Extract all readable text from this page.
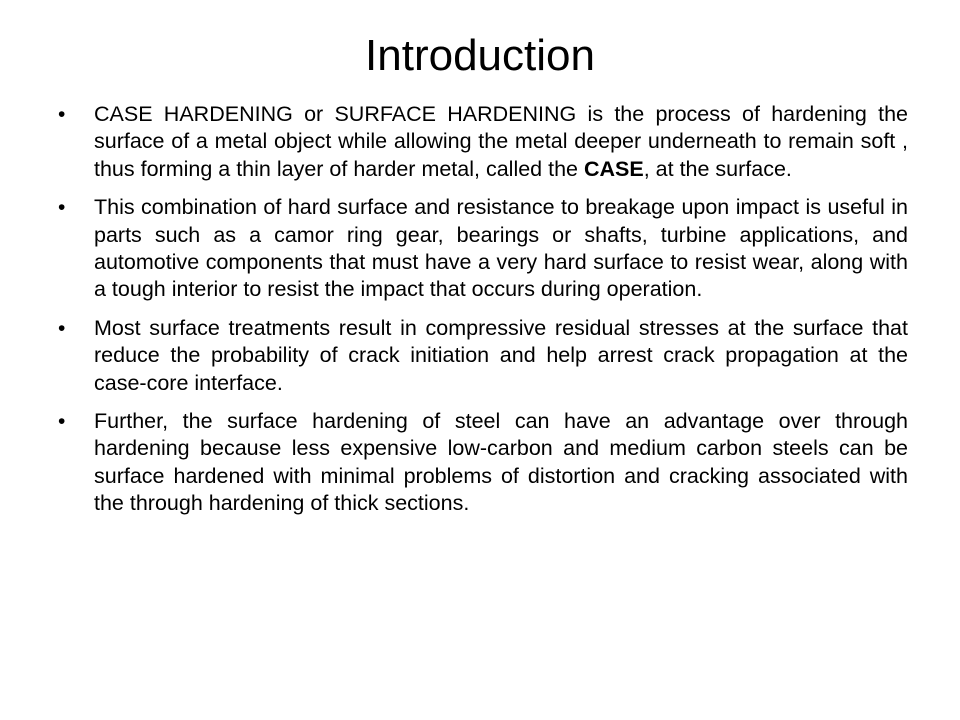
Introduction
•	CASE HARDENING or SURFACE HARDENING is the process of hardening the surface of a metal object while allowing the metal deeper underneath to remain soft , thus forming a thin layer of harder metal, called the CASE, at the surface.
•	This combination of hard surface and resistance to breakage upon impact is useful in parts such as a camor ring gear, bearings or shafts, turbine applications, and automotive components that must have a very hard surface to resist wear, along with a tough interior to resist the impact that occurs during operation.
•	Most surface treatments result in compressive residual stresses at the surface that reduce the probability of crack initiation and help arrest crack propagation at the case-core interface.
•	Further, the surface hardening of steel can have an advantage over through hardening because less expensive low-carbon and medium carbon steels can be surface hardened with minimal problems of distortion and cracking associated with the through hardening of thick sections.
